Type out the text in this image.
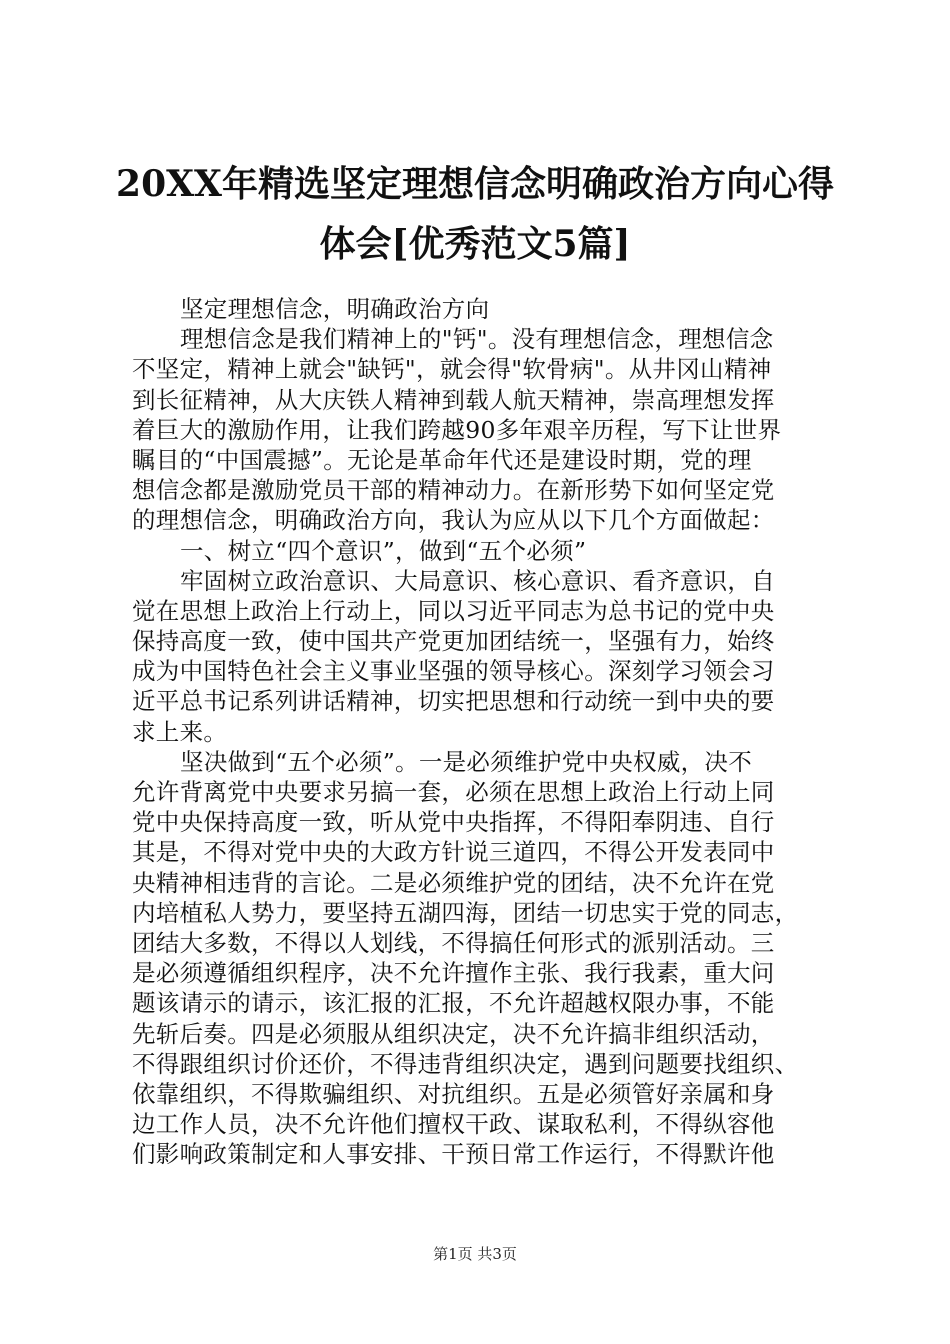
20XX年精选坚定理想信念明确政治方向心得
体会[优秀范文5篇]
坚定理想信念，明确政治方向
理想信念是我们精神上的"钙"。没有理想信念，理想信念
不坚定，精神上就会"缺钙"，就会得"软骨病"。从井冈山精神
到长征精神，从大庆铁人精神到载人航天精神，崇高理想发挥
着巨大的激励作用，让我们跨越90多年艰辛历程，写下让世界
瞩目的“中国震撼”。无论是革命年代还是建设时期，党的理
想信念都是激励党员干部的精神动力。在新形势下如何坚定党
的理想信念，明确政治方向，我认为应从以下几个方面做起：
一、树立“四个意识”，做到“五个必须”
牢固树立政治意识、大局意识、核心意识、看齐意识，自
觉在思想上政治上行动上，同以习近平同志为总书记的党中央
保持高度一致，使中国共产党更加团结统一，坚强有力，始终
成为中国特色社会主义事业坚强的领导核心。深刻学习领会习
近平总书记系列讲话精神，切实把思想和行动统一到中央的要
求上来。
坚决做到“五个必须”。一是必须维护党中央权威，决不
允许背离党中央要求另搞一套，必须在思想上政治上行动上同
党中央保持高度一致，听从党中央指挥，不得阳奉阴违、自行
其是，不得对党中央的大政方针说三道四，不得公开发表同中
央精神相违背的言论。二是必须维护党的团结，决不允许在党
内培植私人势力，要坚持五湖四海，团结一切忠实于党的同志，
团结大多数，不得以人划线，不得搞任何形式的派别活动。三
是必须遵循组织程序，决不允许擅作主张、我行我素，重大问
题该请示的请示，该汇报的汇报，不允许超越权限办事，不能
先斩后奏。四是必须服从组织决定，决不允许搞非组织活动，
不得跟组织讨价还价，不得违背组织决定，遇到问题要找组织、
依靠组织，不得欺骗组织、对抗组织。五是必须管好亲属和身
边工作人员，决不允许他们擅权干政、谋取私利，不得纵容他
们影响政策制定和人事安排、干预日常工作运行，不得默许他
第1页 共3页
